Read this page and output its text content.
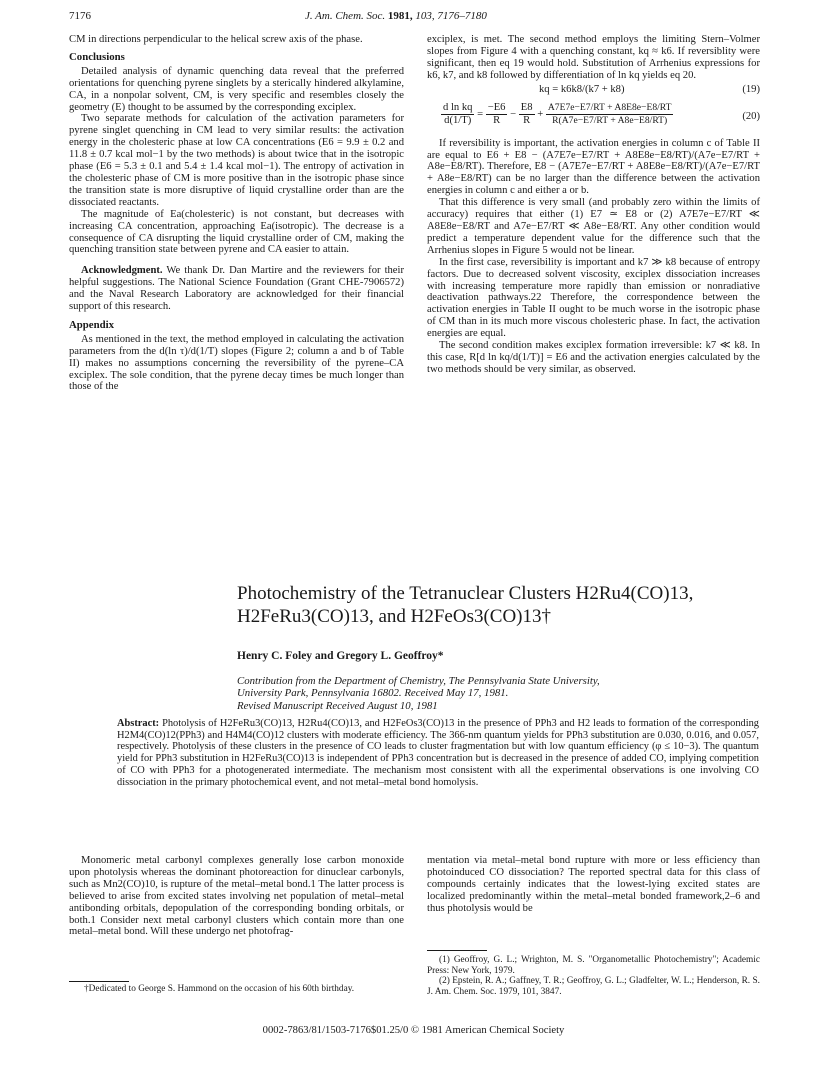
7176	J. Am. Chem. Soc. 1981, 103, 7176–7180

CM in directions perpendicular to the helical screw axis of the phase.

Conclusions

Detailed analysis of dynamic quenching data reveal that the preferred orientations for quenching pyrene singlets by a sterically hindered alkylamine, CA, in a nonpolar solvent, CM, is very specific and resembles closely the geometry (E) thought to be assumed by the corresponding exciplex.

Two separate methods for calculation of the activation parameters for pyrene singlet quenching in CM lead to very similar results: the activation energy in the cholesteric phase at low CA concentrations (E6 = 9.9 ± 0.2 and 11.8 ± 0.7 kcal mol−1 by the two methods) is about twice that in the isotropic phase (E6 = 5.3 ± 0.1 and 5.4 ± 1.4 kcal mol−1). The entropy of activation in the cholesteric phase of CM is more positive than in the isotropic phase since the transition state is more disruptive of liquid crystalline order than are the dissociated reactants.

The magnitude of Ea(cholesteric) is not constant, but decreases with increasing CA concentration, approaching Ea(isotropic). The decrease is a consequence of CA disrupting the liquid crystalline order of CM, making the quenching transition state between pyrene and CA easier to attain.

Acknowledgment. We thank Dr. Dan Martire and the reviewers for their helpful suggestions. The National Science Foundation (Grant CHE-7906572) and the Naval Research Laboratory are acknowledged for their financial support of this research.

Appendix

As mentioned in the text, the method employed in calculating the activation parameters from the d(ln τ)/d(1/T) slopes (Figure 2; column a and b of Table II) makes no assumptions concerning the reversibility of the pyrene–CA exciplex. The sole condition, that the pyrene decay times be much longer than those of the

exciplex, is met. The second method employs the limiting Stern–Volmer slopes from Figure 4 with a quenching constant, kq ≈ k6. If reversiblity were significant, then eq 19 would hold. Substitution of Arrhenius expressions for k6, k7, and k8 followed by differentiation of ln kq yields eq 20.

kq = k6k8/(k7 + k8)	(19)
$\frac{\text{d ln kq}}{d(1/T)} = \frac{-E6}{R} - \frac{E8}{R} + \frac{A7E7e-E7/RT + A8E8e-E8/RT}{R(A7e-E7/RT + A8e-E8/RT)}$	(20)

If reversibility is important, the activation energies in column c of Table II are equal to E6 + E8 − (A7E7e−E7/RT + A8E8e−E8/RT)/(A7e−E7/RT + A8e−E8/RT). Therefore, E8 − (A7E7e−E7/RT + A8E8e−E8/RT)/(A7e−E7/RT + A8e−E8/RT) can be no larger than the difference between the activation energies in column c and either a or b.

That this difference is very small (and probably zero within the limits of accuracy) requires that either (1) E7 ≃ E8 or (2) A7E7e−E7/RT ≪ A8E8e−E8/RT and A7e−E7/RT ≪ A8e−E8/RT. Any other condition would predict a temperature dependent value for the difference such that the Arrhenius slopes in Figure 5 would not be linear.

In the first case, reversibility is important and k7 ≫ k8 because of entropy factors. Due to decreased solvent viscosity, exciplex dissociation increases with increasing temperature more rapidly than emission or nonradiative deactivation pathways.22 Therefore, the correspondence between the activation energies in Table II ought to be much worse in the isotropic phase of CM than in its much more viscous cholesteric phase. In fact, the activation energies are equal.

The second condition makes exciplex formation irreversible: k7 ≪ k8. In this case, R[d ln kq/d(1/T)] = E6 and the activation energies calculated by the two methods should be very similar, as observed.

Photochemistry of the Tetranuclear Clusters H2Ru4(CO)13,
H2FeRu3(CO)13, and H2FeOs3(CO)13†
Henry C. Foley and Gregory L. Geoffroy*
Contribution from the Department of Chemistry, The Pennsylvania State University,
University Park, Pennsylvania 16802. Received May 17, 1981.
Revised Manuscript Received August 10, 1981

Abstract: Photolysis of H2FeRu3(CO)13, H2Ru4(CO)13, and H2FeOs3(CO)13 in the presence of PPh3 and H2 leads to formation of the corresponding H2M4(CO)12(PPh3) and H4M4(CO)12 clusters with moderate efficiency. The 366-nm quantum yields for PPh3 substitution are 0.030, 0.016, and 0.057, respectively. Photolysis of these clusters in the presence of CO leads to cluster fragmentation but with low quantum efficiency (φ ≤ 10−3). The quantum yield for PPh3 substitution in H2FeRu3(CO)13 is independent of PPh3 concentration but is decreased in the presence of added CO, implying competition of CO with PPh3 for a photogenerated intermediate. The mechanism most consistent with all the experimental observations is one involving CO dissociation in the primary photochemical event, and not metal–metal bond homolysis.

Monomeric metal carbonyl complexes generally lose carbon monoxide upon photolysis whereas the dominant photoreaction for dinuclear carbonyls, such as Mn2(CO)10, is rupture of the metal–metal bond.1 The latter process is believed to arise from excited states involving net population of metal–metal antibonding orbitals, depopulation of the corresponding bonding orbitals, or both.1 Consider next metal carbonyl clusters which contain more than one metal–metal bond. Will these undergo net photofrag-

mentation via metal–metal bond rupture with more or less efficiency than photoinduced CO dissociation? The reported spectral data for this class of compounds certainly indicates that the lowest-lying excited states are localized predominantly within the metal–metal bonded framework,2–6 and thus photolysis would be

†Dedicated to George S. Hammond on the occasion of his 60th birthday.

(1) Geoffroy, G. L.; Wrighton, M. S. "Organometallic Photochemistry"; Academic Press: New York, 1979.

(2) Epstein, R. A.; Gaffney, T. R.; Geoffroy, G. L.; Gladfelter, W. L.; Henderson, R. S. J. Am. Chem. Soc. 1979, 101, 3847.

0002-7863/81/1503-7176$01.25/0 © 1981 American Chemical Society
